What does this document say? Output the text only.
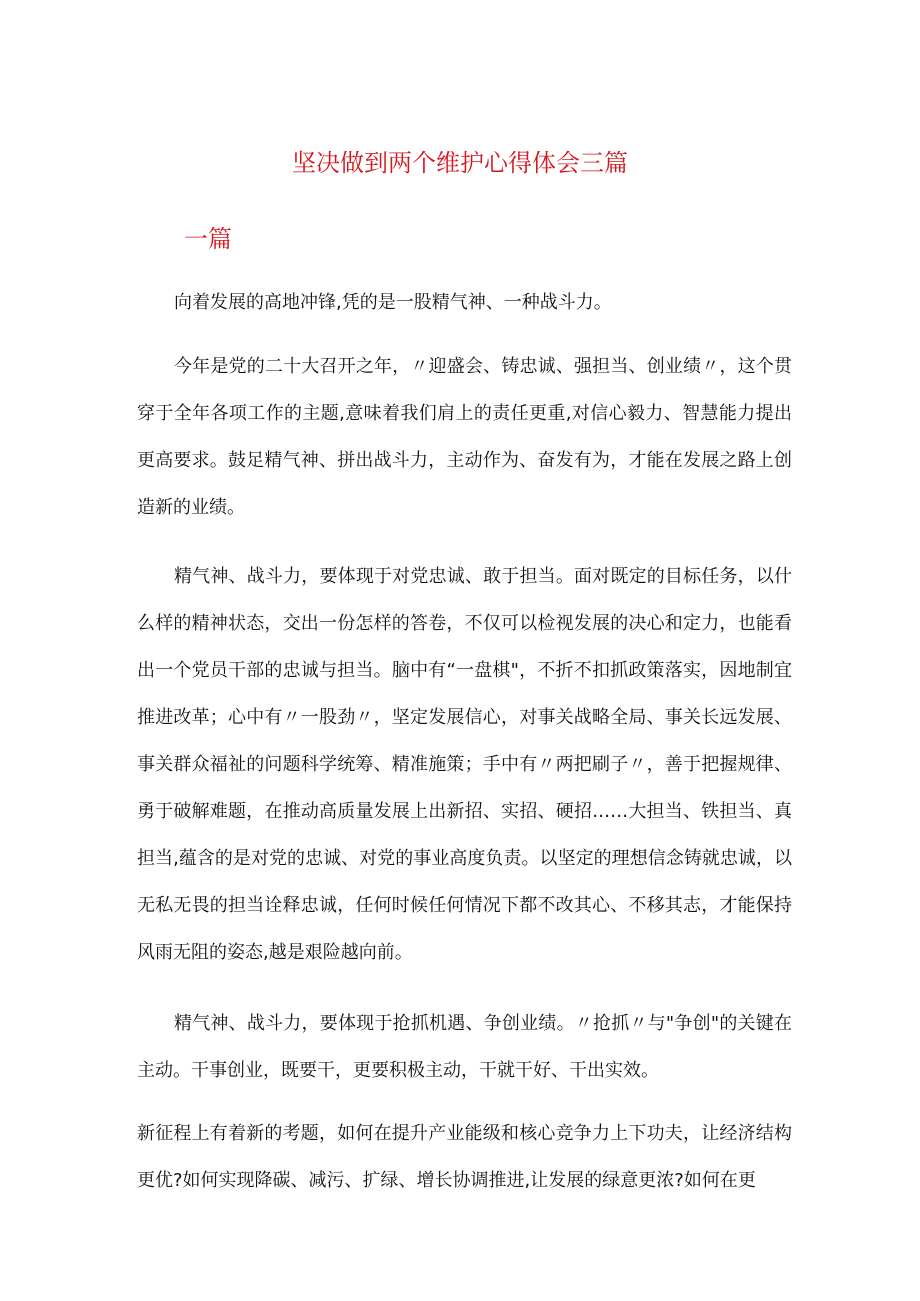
坚决做到两个维护心得体会三篇
一篇

向着发展的高地冲锋,凭的是一股精气神、一种战斗力。

今年是党的二十大召开之年，〃迎盛会、铸忠诚、强担当、创业绩〃，这个贯穿于全年各项工作的主题,意味着我们肩上的责任更重,对信心毅力、智慧能力提出更高要求。鼓足精气神、拼出战斗力，主动作为、奋发有为，才能在发展之路上创造新的业绩。

精气神、战斗力，要体现于对党忠诚、敢于担当。面对既定的目标任务，以什么样的精神状态，交出一份怎样的答卷，不仅可以检视发展的决心和定力，也能看出一个党员干部的忠诚与担当。脑中有“一盘棋"，不折不扣抓政策落实，因地制宜推进改革；心中有〃一股劲〃，坚定发展信心，对事关战略全局、事关长远发展、事关群众福祉的问题科学统筹、精准施策；手中有〃两把刷子〃，善于把握规律、勇于破解难题，在推动高质量发展上出新招、实招、硬招……大担当、铁担当、真担当,蕴含的是对党的忠诚、对党的事业高度负责。以坚定的理想信念铸就忠诚，以无私无畏的担当诠释忠诚，任何时候任何情况下都不改其心、不移其志，才能保持风雨无阻的姿态,越是艰险越向前。

精气神、战斗力，要体现于抢抓机遇、争创业绩。〃抢抓〃与"争创"的关键在主动。干事创业，既要干，更要积极主动，干就干好、干出实效。

新征程上有着新的考题，如何在提升产业能级和核心竞争力上下功夫，让经济结构更优?如何实现降碳、减污、扩绿、增长协调推进,让发展的绿意更浓?如何在更
